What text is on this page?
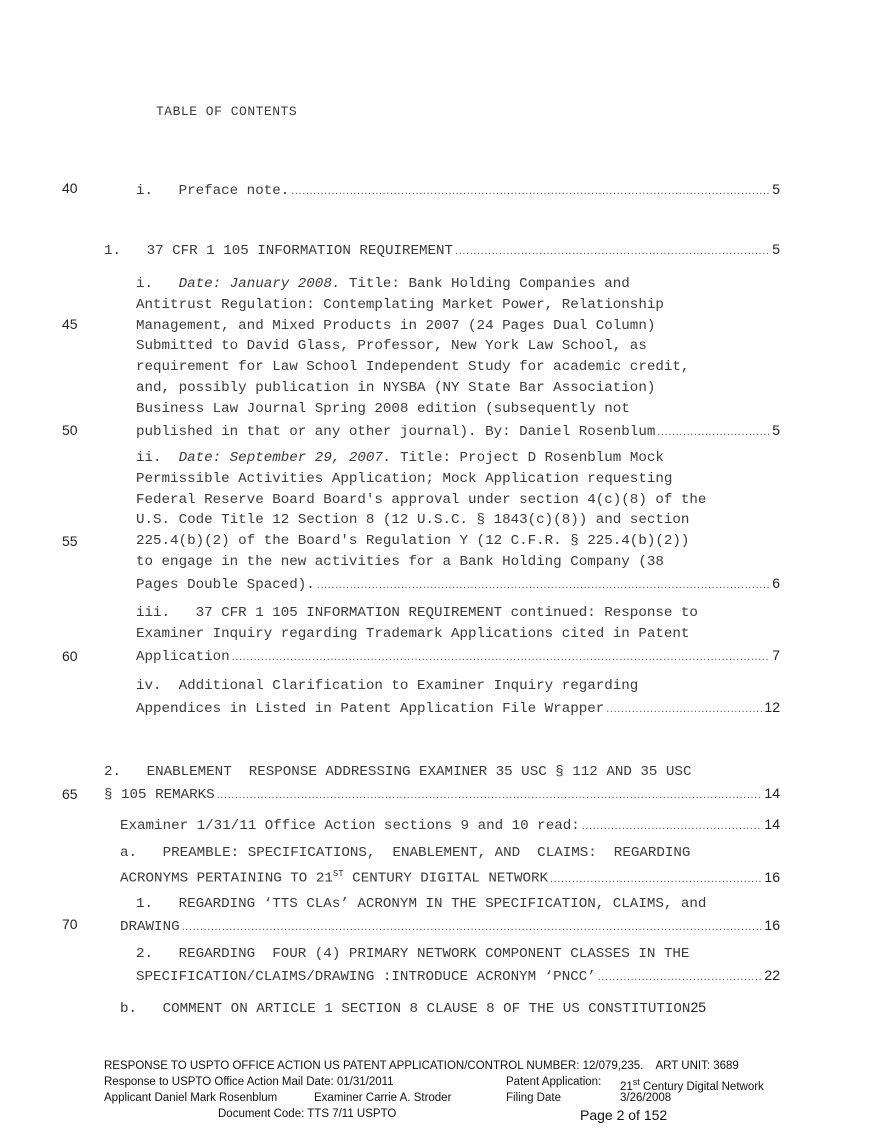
TABLE OF CONTENTS
40
45
50
55
60
65
70
i.   Preface note. .....	5
1.   37 CFR 1 105 INFORMATION REQUIREMENT .....	5
i.   Date: January 2008. Title: Bank Holding Companies and
Antitrust Regulation: Contemplating Market Power, Relationship
Management, and Mixed Products in 2007 (24 Pages Dual Column)
Submitted to David Glass, Professor, New York Law School, as
requirement for Law School Independent Study for academic credit,
and, possibly publication in NYSBA (NY State Bar Association)
Business Law Journal Spring 2008 edition (subsequently not
published in that or any other journal). By: Daniel Rosenblum .....	5
ii.  Date: September 29, 2007. Title: Project D Rosenblum Mock
Permissible Activities Application; Mock Application requesting
Federal Reserve Board Board's approval under section 4(c)(8) of the
U.S. Code Title 12 Section 8 (12 U.S.C. § 1843(c)(8)) and section
225.4(b)(2) of the Board's Regulation Y (12 C.F.R. § 225.4(b)(2))
to engage in the new activities for a Bank Holding Company (38
Pages Double Spaced). .....	6
iii.   37 CFR 1 105 INFORMATION REQUIREMENT continued: Response to
Examiner Inquiry regarding Trademark Applications cited in Patent
Application .....	7
iv.  Additional Clarification to Examiner Inquiry regarding
Appendices in Listed in Patent Application File Wrapper .....	12
2.   ENABLEMENT  RESPONSE ADDRESSING EXAMINER 35 USC § 112 AND 35 USC
§ 105 REMARKS .....	14
Examiner 1/31/11 Office Action sections 9 and 10 read: .....	14
a.   PREAMBLE: SPECIFICATIONS,  ENABLEMENT, AND  CLAIMS:  REGARDING
ACRONYMS PERTAINING TO 21ST CENTURY DIGITAL NETWORK .....	16
1.   REGARDING ‘TTS CLAs’ ACRONYM IN THE SPECIFICATION, CLAIMS, and
DRAWING .....	16
2.   REGARDING  FOUR (4) PRIMARY NETWORK COMPONENT CLASSES IN THE
SPECIFICATION/CLAIMS/DRAWING :INTRODUCE ACRONYM ‘PNCC’ .....	22
b.   COMMENT ON ARTICLE 1 SECTION 8 CLAUSE 8 OF THE US CONSTITUTION 25
RESPONSE TO USPTO OFFICE ACTION US PATENT APPLICATION/CONTROL NUMBER: 12/079,235.    ART UNIT: 3689
Response to USPTO Office Action Mail Date: 01/31/2011	Patent Application: 21st Century Digital Network
Applicant Daniel Mark Rosenblum	Examiner Carrie A. Stroder	Filing Date	3/26/2008
Document Code: TTS 7/11 USPTO	Page 2 of 152
